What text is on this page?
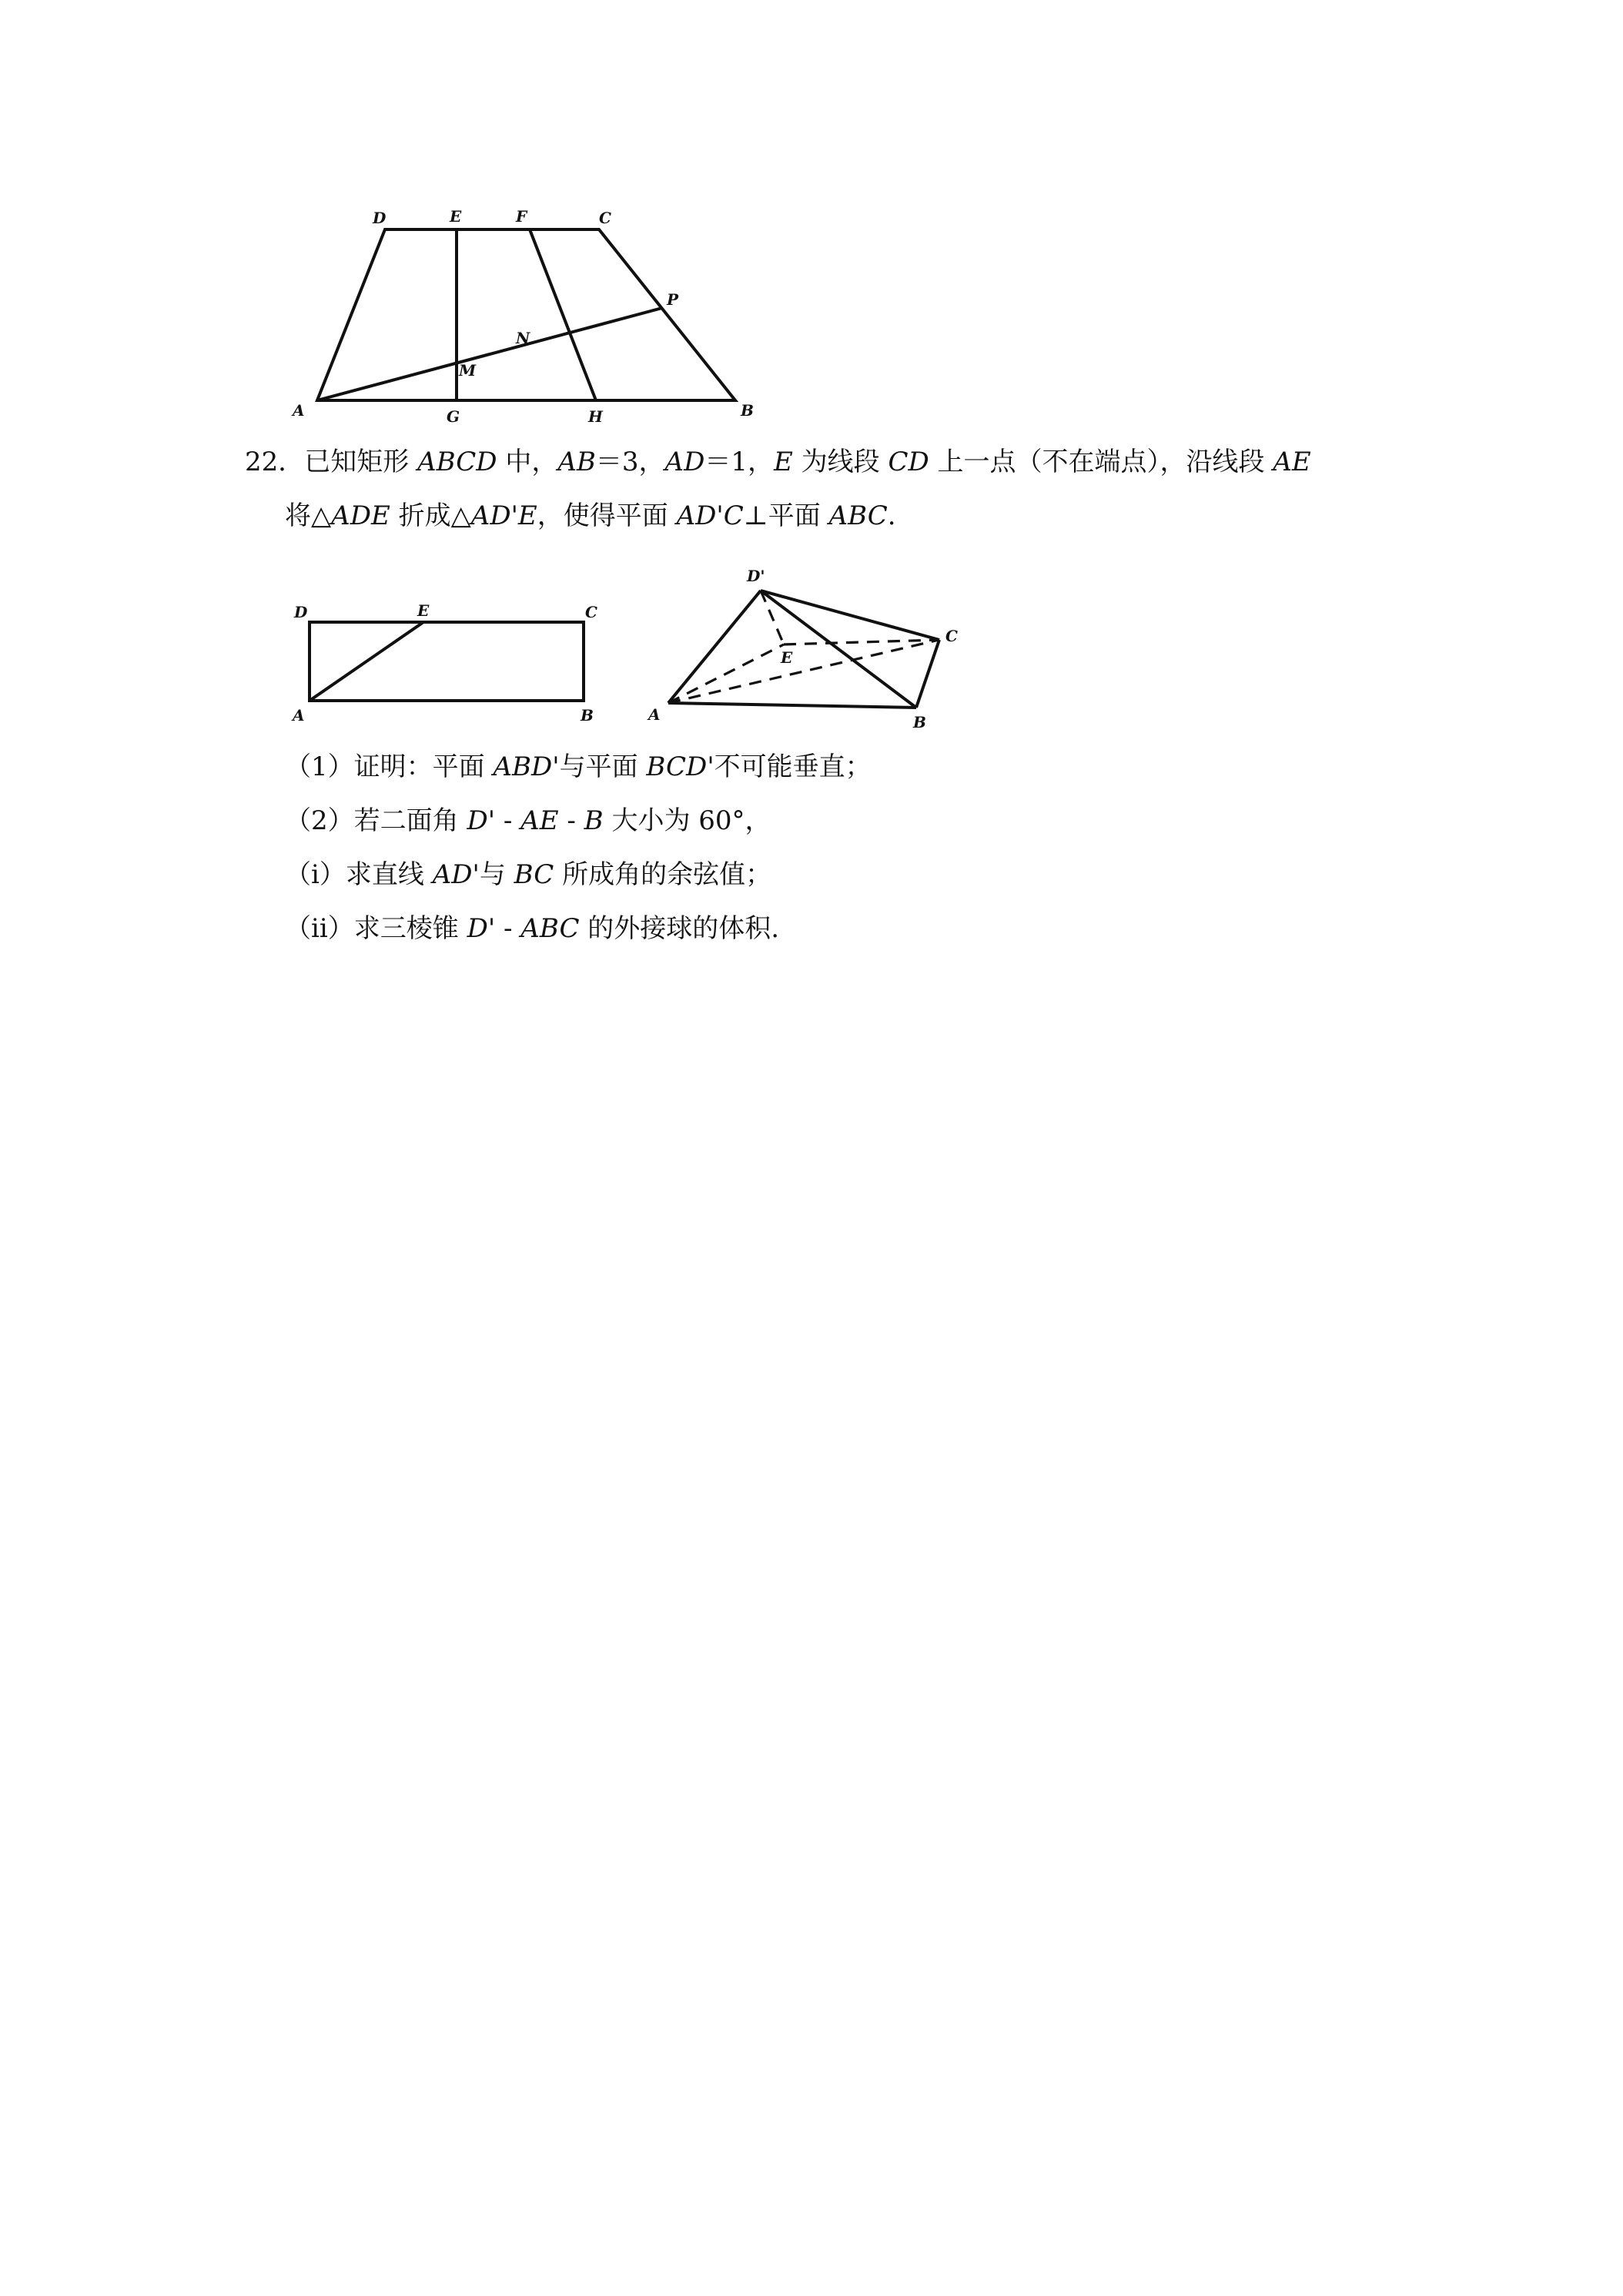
D	E	F	C
P
N
M
A	G	H	B
22．已知矩形 ABCD 中，AB＝3，AD＝1，E 为线段 CD 上一点（不在端点），沿线段 AE
将△ADE 折成△AD'E，使得平面 AD'C⊥平面 ABC.
D	E	C
A	B
D'
E
C
A	B
（1）证明：平面 ABD'与平面 BCD'不可能垂直；
（2）若二面角 D' - AE - B 大小为 60°，
（ⅰ）求直线 AD'与 BC 所成角的余弦值；
（ⅱ）求三棱锥 D' - ABC 的外接球的体积.
